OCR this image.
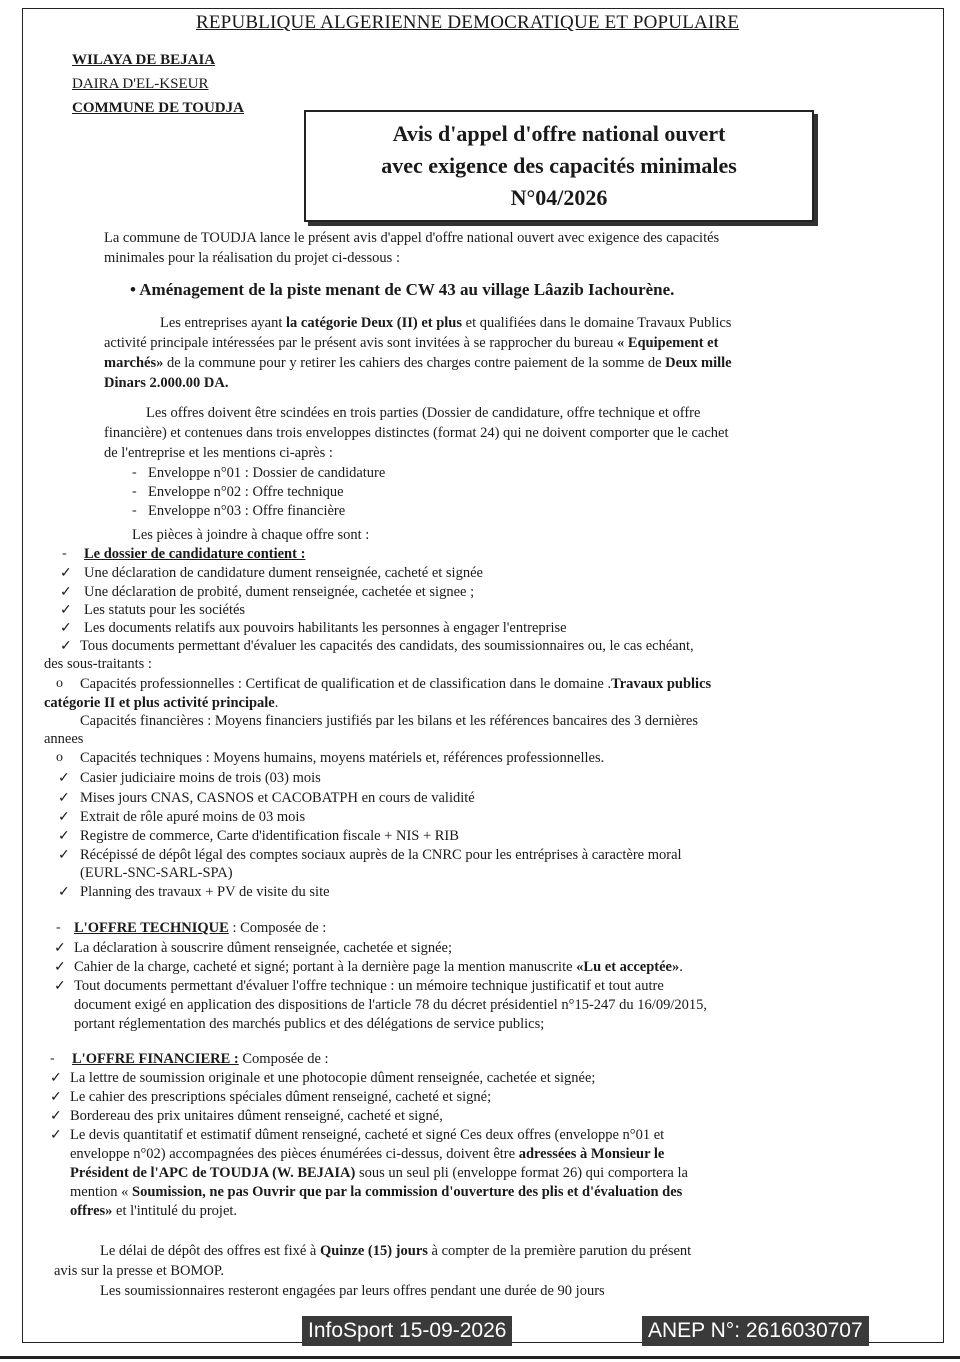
REPUBLIQUE ALGERIENNE DEMOCRATIQUE ET POPULAIRE
WILAYA DE BEJAIA
DAIRA D'EL-KSEUR
COMMUNE DE TOUDJA
Avis d'appel d'offre national ouvert
avec exigence des capacités minimales
N°04/2026
La commune de TOUDJA lance le présent avis d'appel d'offre national ouvert avec exigence des capacités
minimales pour la réalisation du projet ci-dessous :
• Aménagement de la piste menant de CW 43 au village Lâazib Iachourène.
Les entreprises ayant la catégorie Deux (II) et plus et qualifiées dans le domaine Travaux Publics
activité principale intéressées par le présent avis sont invitées à se rapprocher du bureau « Equipement et
marchés» de la commune pour y retirer les cahiers des charges contre paiement de la somme de Deux mille
Dinars 2.000.00 DA.
Les offres doivent être scindées en trois parties (Dossier de candidature, offre technique et offre
financière) et contenues dans trois enveloppes distinctes (format 24) qui ne doivent comporter que le cachet
de l'entreprise et les mentions ci-après :
- Enveloppe n°01 : Dossier de candidature
- Enveloppe n°02 : Offre technique
- Enveloppe n°03 : Offre financière
Les pièces à joindre à chaque offre sont :
- Le dossier de candidature contient :
✓ Une déclaration de candidature dument renseignée, cacheté et signée
✓ Une déclaration de probité, dument renseignée, cachetée et signee ;
✓ Les statuts pour les sociétés
✓ Les documents relatifs aux pouvoirs habilitants les personnes à engager l'entreprise
✓ Tous documents permettant d'évaluer les capacités des candidats, des soumissionnaires ou, le cas echéant,
des sous-traitants :
o Capacités professionnelles : Certificat de qualification et de classification dans le domaine .Travaux publics
catégorie II et plus activité principale.
Capacités financières : Moyens financiers justifiés par les bilans et les références bancaires des 3 dernières
annees
o Capacités techniques : Moyens humains, moyens matériels et, références professionnelles.
✓ Casier judiciaire moins de trois (03) mois
✓ Mises jours CNAS, CASNOS et CACOBATPH en cours de validité
✓ Extrait de rôle apuré moins de 03 mois
✓ Registre de commerce, Carte d'identification fiscale + NIS + RIB
✓ Récépissé de dépôt légal des comptes sociaux auprès de la CNRC pour les entréprises à caractère moral
(EURL-SNC-SARL-SPA)
✓ Planning des travaux + PV de visite du site
- L'OFFRE TECHNIQUE : Composée de :
✓ La déclaration à souscrire dûment renseignée, cachetée et signée;
✓ Cahier de la charge, cacheté et signé; portant à la dernière page la mention manuscrite «Lu et acceptée».
✓ Tout documents permettant d'évaluer l'offre technique : un mémoire technique justificatif et tout autre
document exigé en application des dispositions de l'article 78 du décret présidentiel n°15-247 du 16/09/2015,
portant réglementation des marchés publics et des délégations de service publics;
- L'OFFRE FINANCIERE : Composée de :
✓ La lettre de soumission originale et une photocopie dûment renseignée, cachetée et signée;
✓ Le cahier des prescriptions spéciales dûment renseigné, cacheté et signé;
✓ Bordereau des prix unitaires dûment renseigné, cacheté et signé,
✓ Le devis quantitatif et estimatif dûment renseigné, cacheté et signé Ces deux offres (enveloppe n°01 et
enveloppe n°02) accompagnées des pièces énumérées ci-dessus, doivent être adressées à Monsieur le
Président de l'APC de TOUDJA (W. BEJAIA) sous un seul pli (enveloppe format 26) qui comportera la
mention « Soumission, ne pas Ouvrir que par la commission d'ouverture des plis et d'évaluation des
offres» et l'intitulé du projet.
Le délai de dépôt des offres est fixé à Quinze (15) jours à compter de la première parution du présent
avis sur la presse et BOMOP.
Les soumissionnaires resteront engagées par leurs offres pendant une durée de 90 jours
InfoSport 15-09-2026	ANEP N°: 2616030707
